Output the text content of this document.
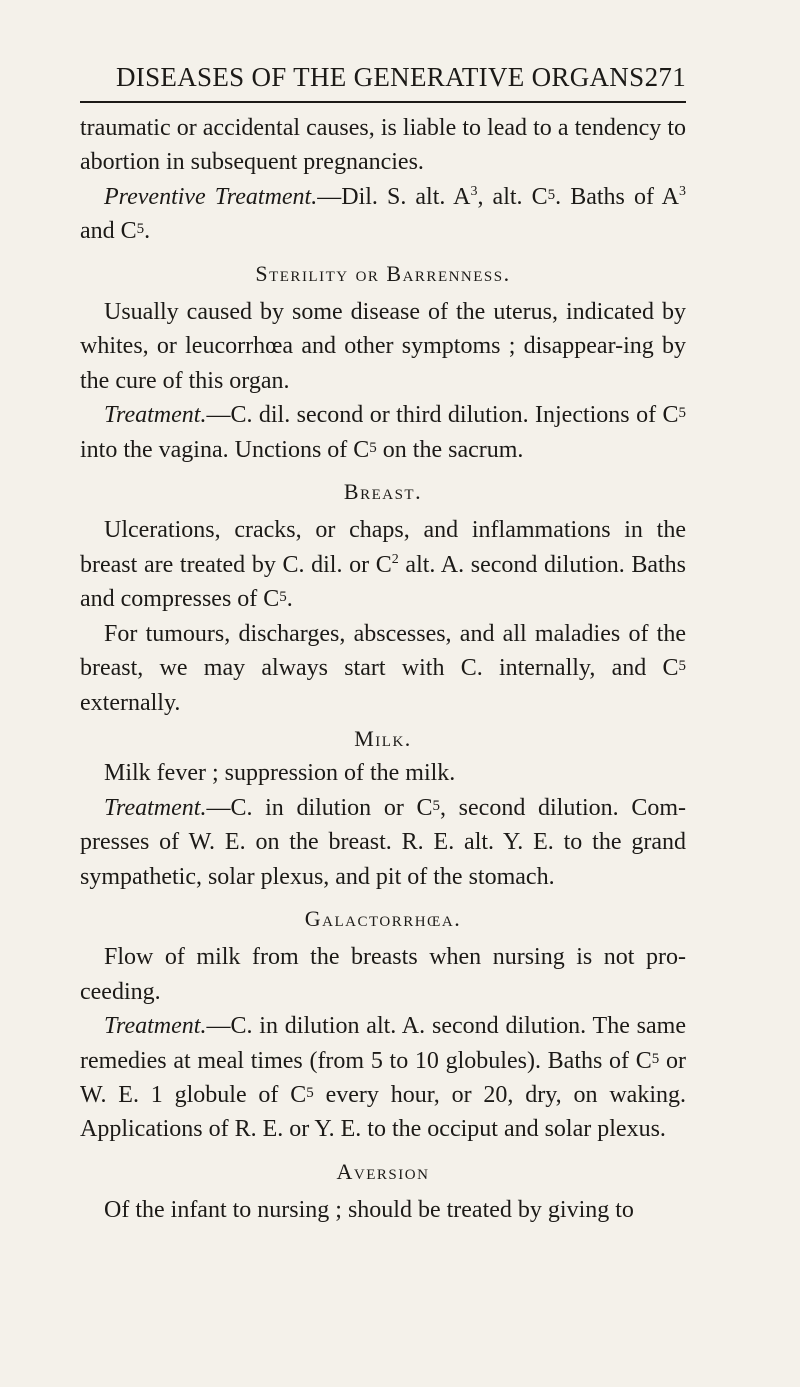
DISEASES OF THE GENERATIVE ORGANS.
271

traumatic or accidental causes, is liable to lead to a tendency to abortion in subsequent pregnancies.

 Preventive Treatment.—Dil. S. alt. $A^3$, alt. $C^5$. Baths of $A^3$ and $C^5$.

Sterility or Barrenness.

 Usually caused by some disease of the uterus, indicated by whites, or leucorrhœa and other symptoms ; disappear-ing by the cure of this organ.

 Treatment.—C. dil. second or third dilution. Injections of $C^5$ into the vagina. Unctions of $C^5$ on the sacrum.

Breast.

 Ulcerations, cracks, or chaps, and inflammations in the breast are treated by C. dil. or $C^2$ alt. A. second dilution. Baths and compresses of $C^5$.

 For tumours, discharges, abscesses, and all maladies of the breast, we may always start with C. internally, and $C^5$ externally.

Milk.

 Milk fever ; suppression of the milk.

 Treatment.—C. in dilution or $C^5$, second dilution. Com-presses of W. E. on the breast. R. E. alt. Y. E. to the grand sympathetic, solar plexus, and pit of the stomach.

Galactorrhœa.

 Flow of milk from the breasts when nursing is not pro-ceeding.

 Treatment.—C. in dilution alt. A. second dilution. The same remedies at meal times (from 5 to 10 globules). Baths of $C^5$ or W. E. 1 globule of $C^5$ every hour, or 20, dry, on waking. Applications of R. E. or Y. E. to the occiput and solar plexus.

Aversion

 Of the infant to nursing ; should be treated by giving to
